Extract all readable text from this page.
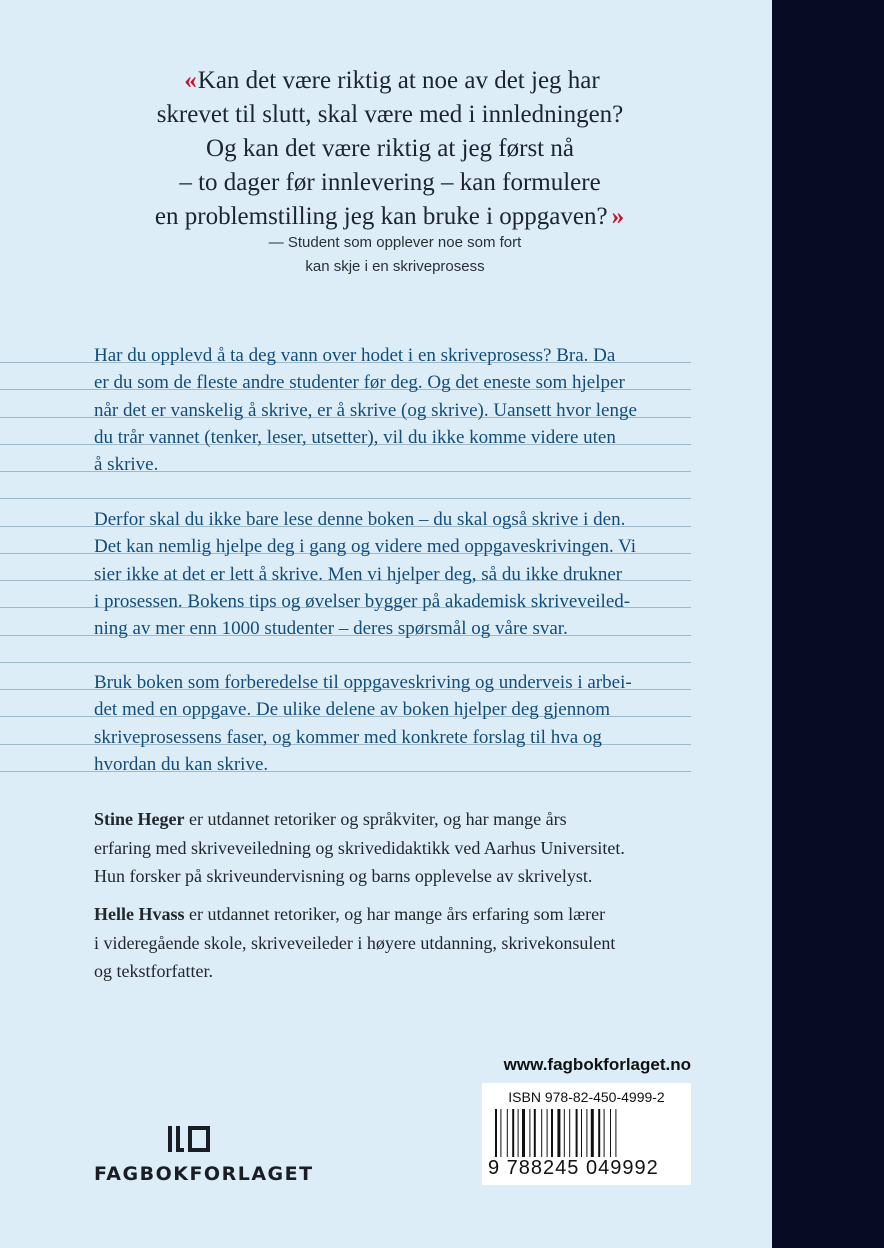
« Kan det være riktig at noe av det jeg har
skrevet til slutt, skal være med i innledningen?
Og kan det være riktig at jeg først nå
– to dager før innlevering – kan formulere
en problemstilling jeg kan bruke i oppgaven? »
— Student som opplever noe som fort
kan skje i en skriveprosess
Har du opplevd å ta deg vann over hodet i en skriveprosess? Bra. Da
er du som de fleste andre studenter før deg. Og det eneste som hjelper
når det er vanskelig å skrive, er å skrive (og skrive). Uansett hvor lenge
du trår vannet (tenker, leser, utsetter), vil du ikke komme videre uten
å skrive.
Derfor skal du ikke bare lese denne boken – du skal også skrive i den.
Det kan nemlig hjelpe deg i gang og videre med oppgaveskrivingen. Vi
sier ikke at det er lett å skrive. Men vi hjelper deg, så du ikke drukner
i prosessen. Bokens tips og øvelser bygger på akademisk skriveveiled-
ning av mer enn 1000 studenter – deres spørsmål og våre svar.
Bruk boken som forberedelse til oppgaveskriving og underveis i arbei-
det med en oppgave. De ulike delene av boken hjelper deg gjennom
skriveprosessens faser, og kommer med konkrete forslag til hva og
hvordan du kan skrive.
Stine Heger er utdannet retoriker og språkviter, og har mange års
erfaring med skriveveiledning og skrivedidaktikk ved Aarhus Universitet.
Hun forsker på skriveundervisning og barns opplevelse av skrivelyst.
Helle Hvass er utdannet retoriker, og har mange års erfaring som lærer
i videregående skole, skriveveileder i høyere utdanning, skrivekonsulent
og tekstforfatter.
www.fagbokforlaget.no
ISBN 978-82-450-4999-2
9 788245 049992
FAGBOKFORLAGET
